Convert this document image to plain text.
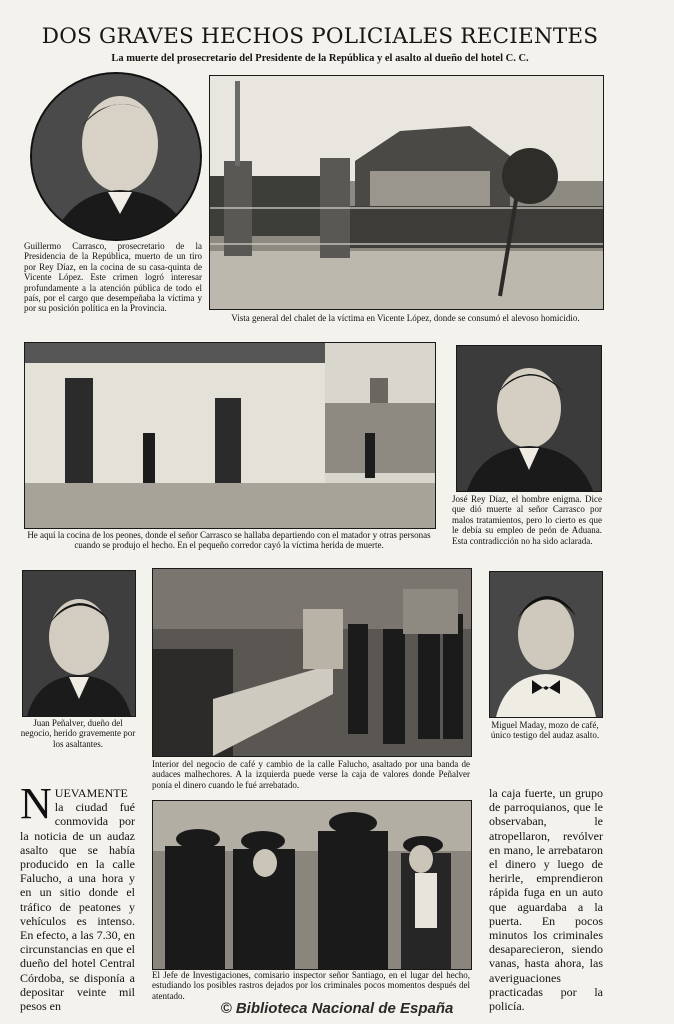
DOS GRAVES HECHOS POLICIALES RECIENTES
La muerte del prosecretario del Presidente de la República y el asalto al dueño del hotel C. C.
Guillermo Carrasco, prosecretario de la Presidencia de la República, muerto de un tiro por Rey Díaz, en la cocina de su casa-quinta de Vicente López. Este crimen logró interesar profundamente a la atención pública de todo el país, por el cargo que desempeñaba la víctima y por su posición política en la Provincia.
Vista general del chalet de la víctima en Vicente López, donde se consumó el alevoso homicidio.
He aquí la cocina de los peones, donde el señor Carrasco se hallaba departiendo con el matador y otras personas cuando se produjo el hecho. En el pequeño corredor cayó la víctima herida de muerte.
José Rey Díaz, el hombre enigma. Dice que dió muerte al señor Carrasco por malos tratamientos, pero lo cierto es que le debía su empleo de peón de Aduana. Esta contradicción no ha sido aclarada.
Juan Peñalver, dueño del negocio, herido gravemente por los asaltantes.
Interior del negocio de café y cambio de la calle Falucho, asaltado por una banda de audaces malhechores. A la izquierda puede verse la caja de valores donde Peñalver ponía el dinero cuando le fué arrebatado.
Miguel Maday, mozo de café, único testigo del audaz asalto.
NUEVAMENTE la ciudad fué conmovida por la noticia de un audaz asalto que se había producido en la calle Falucho, a una hora y en un sitio donde el tráfico de peatones y vehículos es intenso. En efecto, a las 7.30, en circunstancias en que el dueño del hotel Central Córdoba, se disponía a depositar veinte mil pesos en
El Jefe de Investigaciones, comisario inspector señor Santiago, en el lugar del hecho, estudiando los posibles rastros dejados por los criminales pocos momentos después del atentado.
la caja fuerte, un grupo de parroquianos, que le observaban, le atropellaron, revólver en mano, le arrebataron el dinero y luego de herirle, emprendieron rápida fuga en un auto que aguardaba a la puerta. En pocos minutos los criminales desaparecieron, siendo vanas, hasta ahora, las averiguaciones practicadas por la policía.
© Biblioteca Nacional de España
